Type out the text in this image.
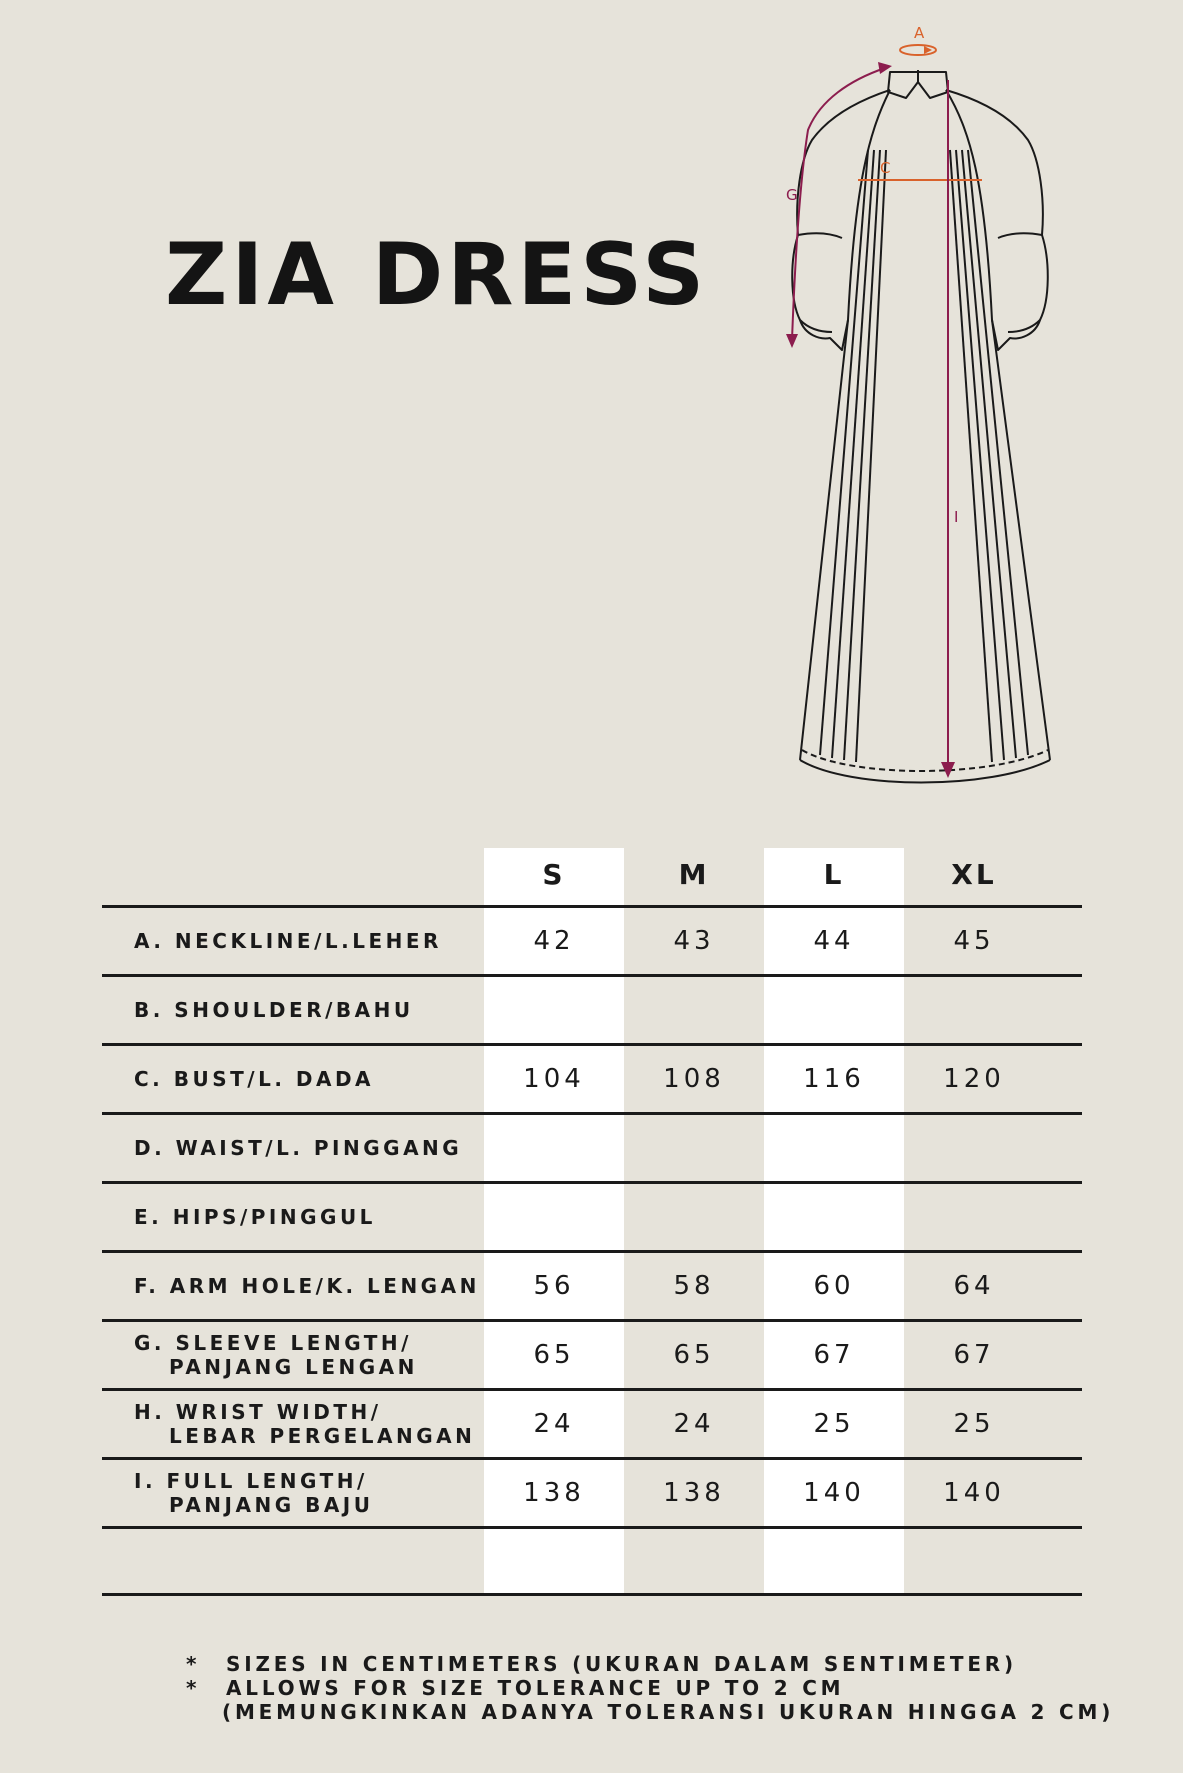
ZIA DRESS
A
C
G
I
S	M	L	XL
A. NECKLINE/L.LEHER	42	43	44	45
B. SHOULDER/BAHU
C. BUST/L. DADA	104	108	116	120
D. WAIST/L. PINGGANG
E. HIPS/PINGGUL
F. ARM HOLE/K. LENGAN	56	58	60	64
G. SLEEVE LENGTH/
PANJANG LENGAN	65	65	67	67
H. WRIST WIDTH/
LEBAR PERGELANGAN	24	24	25	25
I. FULL LENGTH/
PANJANG BAJU	138	138	140	140
*	SIZES IN CENTIMETERS (UKURAN DALAM SENTIMETER)
*	ALLOWS FOR SIZE TOLERANCE UP TO 2 CM
(MEMUNGKINKAN ADANYA TOLERANSI UKURAN HINGGA 2 CM)
